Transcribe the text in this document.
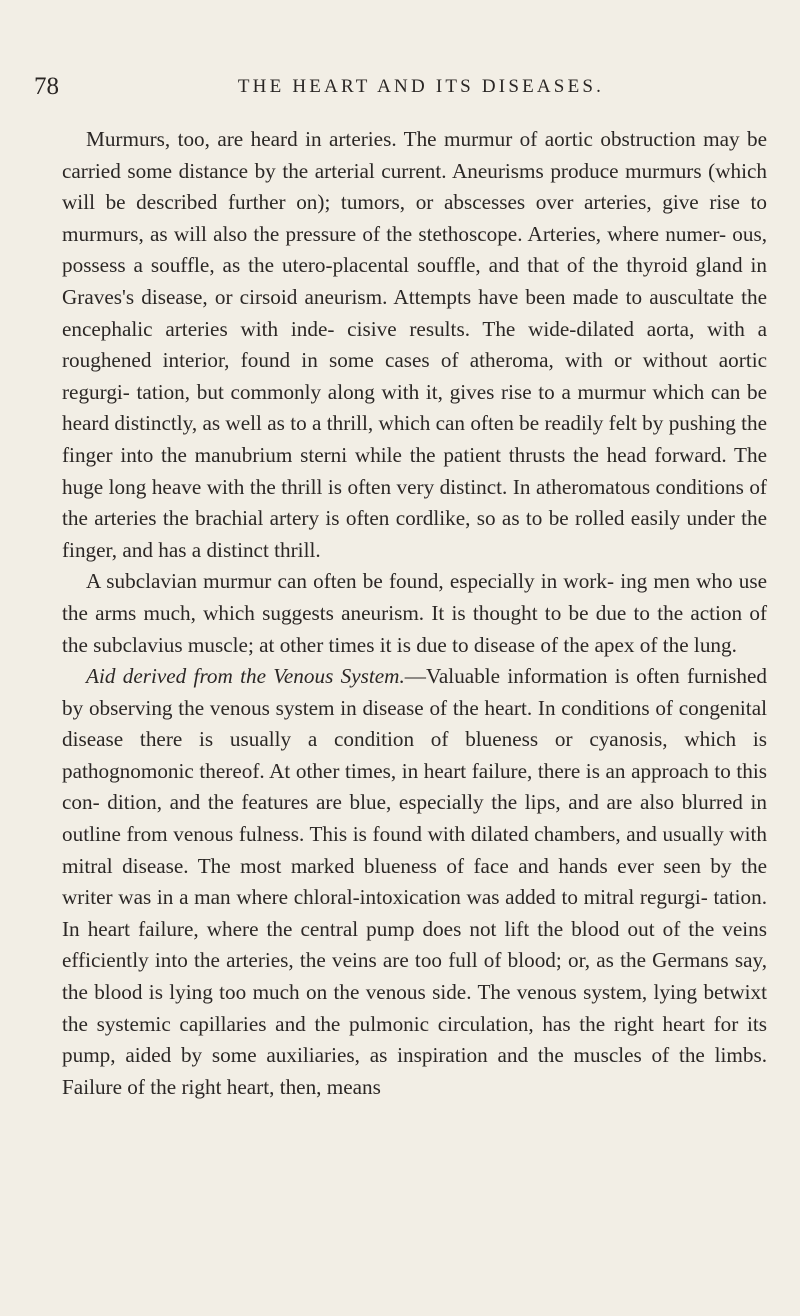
78	THE HEART AND ITS DISEASES.

Murmurs, too, are heard in arteries. The murmur of aortic obstruction may be carried some distance by the arterial current. Aneurisms produce murmurs (which will be described further on); tumors, or abscesses over arteries, give rise to murmurs, as will also the pressure of the stethoscope. Arteries, where numer- ous, possess a souffle, as the utero-placental souffle, and that of the thyroid gland in Graves's disease, or cirsoid aneurism. Attempts have been made to auscultate the encephalic arteries with inde- cisive results. The wide-dilated aorta, with a roughened interior, found in some cases of atheroma, with or without aortic regurgi- tation, but commonly along with it, gives rise to a murmur which can be heard distinctly, as well as to a thrill, which can often be readily felt by pushing the finger into the manubrium sterni while the patient thrusts the head forward. The huge long heave with the thrill is often very distinct. In atheromatous conditions of the arteries the brachial artery is often cordlike, so as to be rolled easily under the finger, and has a distinct thrill.

A subclavian murmur can often be found, especially in work- ing men who use the arms much, which suggests aneurism. It is thought to be due to the action of the subclavius muscle; at other times it is due to disease of the apex of the lung.

Aid derived from the Venous System.—Valuable information is often furnished by observing the venous system in disease of the heart. In conditions of congenital disease there is usually a condition of blueness or cyanosis, which is pathognomonic thereof. At other times, in heart failure, there is an approach to this con- dition, and the features are blue, especially the lips, and are also blurred in outline from venous fulness. This is found with dilated chambers, and usually with mitral disease. The most marked blueness of face and hands ever seen by the writer was in a man where chloral-intoxication was added to mitral regurgi- tation. In heart failure, where the central pump does not lift the blood out of the veins efficiently into the arteries, the veins are too full of blood; or, as the Germans say, the blood is lying too much on the venous side. The venous system, lying betwixt the systemic capillaries and the pulmonic circulation, has the right heart for its pump, aided by some auxiliaries, as inspiration and the muscles of the limbs. Failure of the right heart, then, means
